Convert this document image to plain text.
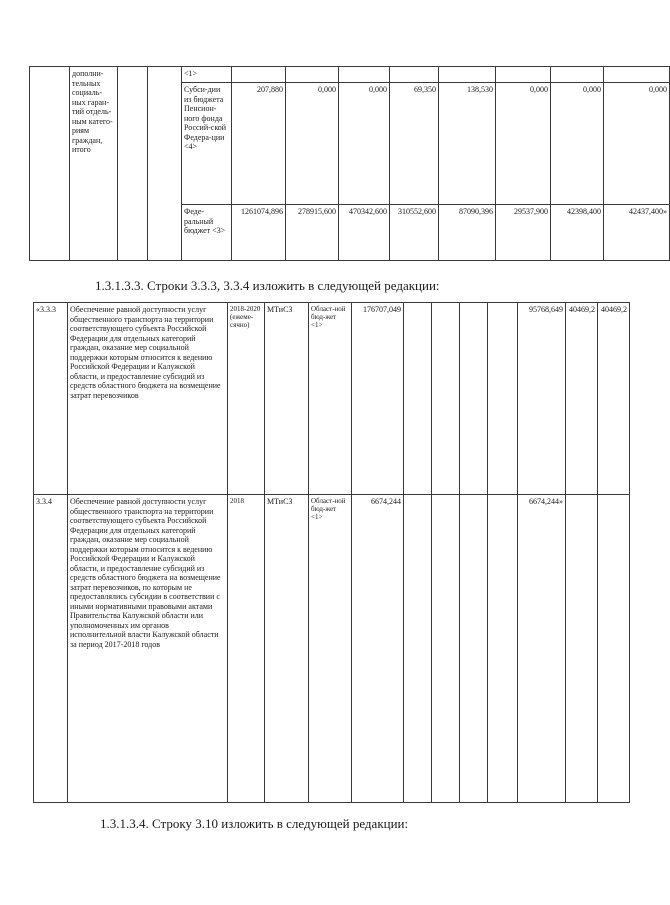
	дополни-тельных социаль-ных гаран-тий отдель-ным катего-риям граждан, итого			<1>								
				Субси-дии из бюджета Пенсион-ного фонда Россий-ской Федера-ции <4>	207,880	0,000	0,000	69,350	138,530	0,000	0,000	0,000
				Феде-ральный бюджет <3>	1261074,896	278915,600	470342,600	310552,600	87090,396	29537,900	42398,400	42437,400»
1.3.1.3.3. Строки 3.3.3, 3.3.4 изложить в следующей редакции:
«3.3.3	Обеспечение равной доступности услуг общественного транспорта на территории соответствующего субъекта Российской Федерации для отдельных категорий граждан, оказание мер социальной поддержки которым относится к ведению Российской Федерации и Калужской области, и предоставление субсидий из средств областного бюджета на возмещение затрат перевозчиков	2018-2020 (ежеме-сячно)	МТиСЗ	Област-ной бюд-жет <1>	176707,049					95768,649	40469,2	40469,2
3.3.4	Обеспечение равной доступности услуг общественного транспорта на территории соответствующего субъекта Российской Федерации для отдельных категорий граждан, оказание мер социальной поддержки которым относится к ведению Российской Федерации и Калужской области, и предоставление субсидий из средств областного бюджета на возмещение затрат перевозчиков, по которым не предоставлялись субсидии в соответствии с иными нормативными правовыми актами Правительства Калужской области или уполномоченных им органов исполнительной власти Калужской области за период 2017-2018 годов	2018	МТиСЗ	Област-ной бюд-жет <1>	6674,244					6674,244»		
1.3.1.3.4. Строку 3.10 изложить в следующей редакции:
